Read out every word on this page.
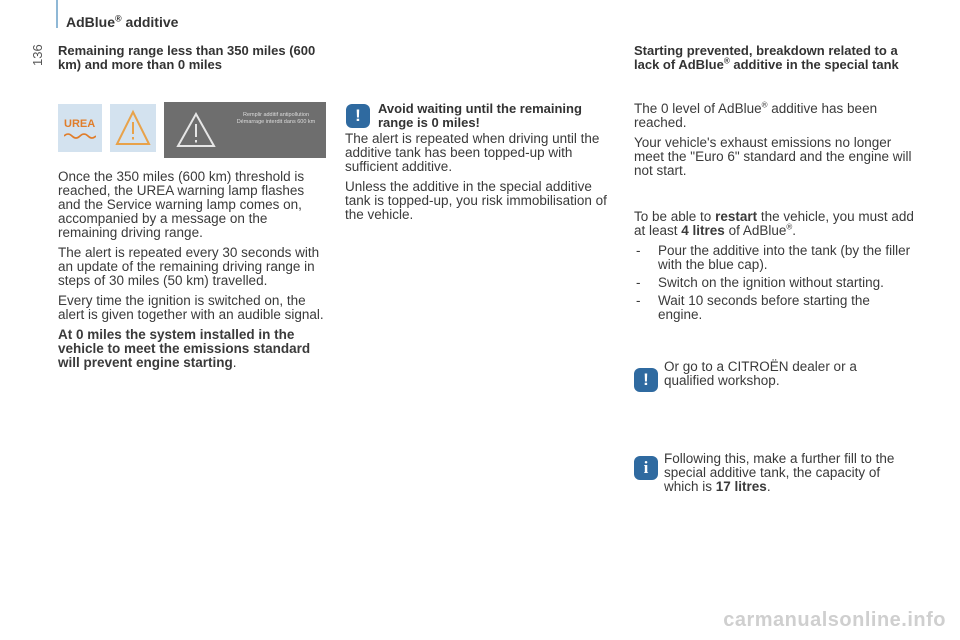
AdBlue® additive
136 Remaining range less than 350 miles (600 km) and more than 0 miles
UREA
Remplir additif antipollution Démarrage interdit dans 600 km

Once the 350 miles (600 km) threshold is reached, the UREA warning lamp flashes and the Service warning lamp comes on, accompanied by a message on the remaining driving range.

The alert is repeated every 30 seconds with an update of the remaining driving range in steps of 30 miles (50 km) travelled.

Every time the ignition is switched on, the alert is given together with an audible signal.

At 0 miles the system installed in the vehicle to meet the emissions standard will prevent engine starting.

!	Avoid waiting until the remaining range is 0 miles!

The alert is repeated when driving until the additive tank has been topped-up with sufficient additive.

Unless the additive in the special additive tank is topped-up, you risk immobilisation of the vehicle.

Starting prevented, breakdown related to a lack of AdBlue® additive in the special tank

The 0 level of AdBlue® additive has been reached.

Your vehicle's exhaust emissions no longer meet the "Euro 6" standard and the engine will not start.

To be able to restart the vehicle, you must add at least 4 litres of AdBlue®.

- Pour the additive into the tank (by the filler with the blue cap).
- Switch on the ignition without starting.
- Wait 10 seconds before starting the engine.
!
Or go to a CITROËN dealer or a qualified workshop.
i	Following this, make a further fill to the special additive tank, the capacity of which is 17 litres.
carmanualsonline.info
